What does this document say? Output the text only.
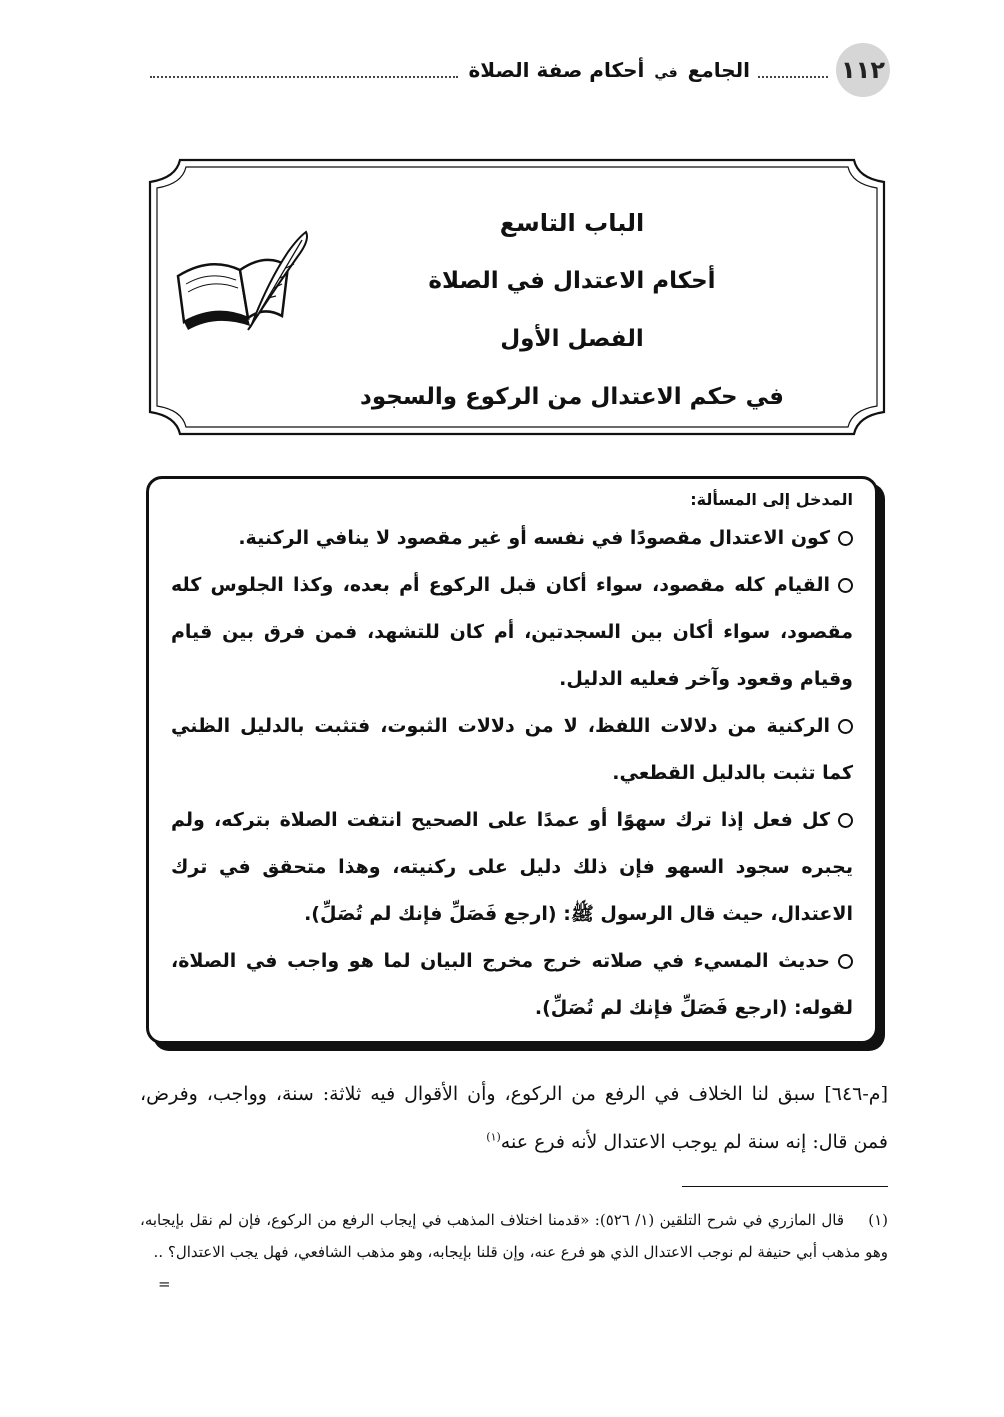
١١٢
الجامع في أحكام صفة الصلاة
الباب التاسع
أحكام الاعتدال في الصلاة
الفصل الأول
في حكم الاعتدال من الركوع والسجود
المدخل إلى المسألة:
كون الاعتدال مقصودًا في نفسه أو غير مقصود لا ينافي الركنية.
القيام كله مقصود، سواء أكان قبل الركوع أم بعده، وكذا الجلوس كله مقصود، سواء أكان بين السجدتين، أم كان للتشهد، فمن فرق بين قيام وقيام وقعود وآخر فعليه الدليل.
الركنية من دلالات اللفظ، لا من دلالات الثبوت، فتثبت بالدليل الظني كما تثبت بالدليل القطعي.
كل فعل إذا ترك سهوًا أو عمدًا على الصحيح انتفت الصلاة بتركه، ولم يجبره سجود السهو فإن ذلك دليل على ركنيته، وهذا متحقق في ترك الاعتدال، حيث قال الرسول ﷺ: (ارجع فَصَلِّ فإنك لم تُصَلِّ).
حديث المسيء في صلاته خرج مخرج البيان لما هو واجب في الصلاة، لقوله: (ارجع فَصَلِّ فإنك لم تُصَلِّ).
[م-٦٤٦] سبق لنا الخلاف في الرفع من الركوع، وأن الأقوال فيه ثلاثة: سنة، وواجب، وفرض، فمن قال: إنه سنة لم يوجب الاعتدال لأنه فرع عنه$^{(١)}$
(١)قال المازري في شرح التلقين (١/ ٥٢٦): «قدمنا اختلاف المذهب في إيجاب الرفع من الركوع، فإن لم نقل بإيجابه، وهو مذهب أبي حنيفة لم نوجب الاعتدال الذي هو فرع عنه، وإن قلنا بإيجابه، وهو مذهب الشافعي، فهل يجب الاعتدال؟ ..
=
